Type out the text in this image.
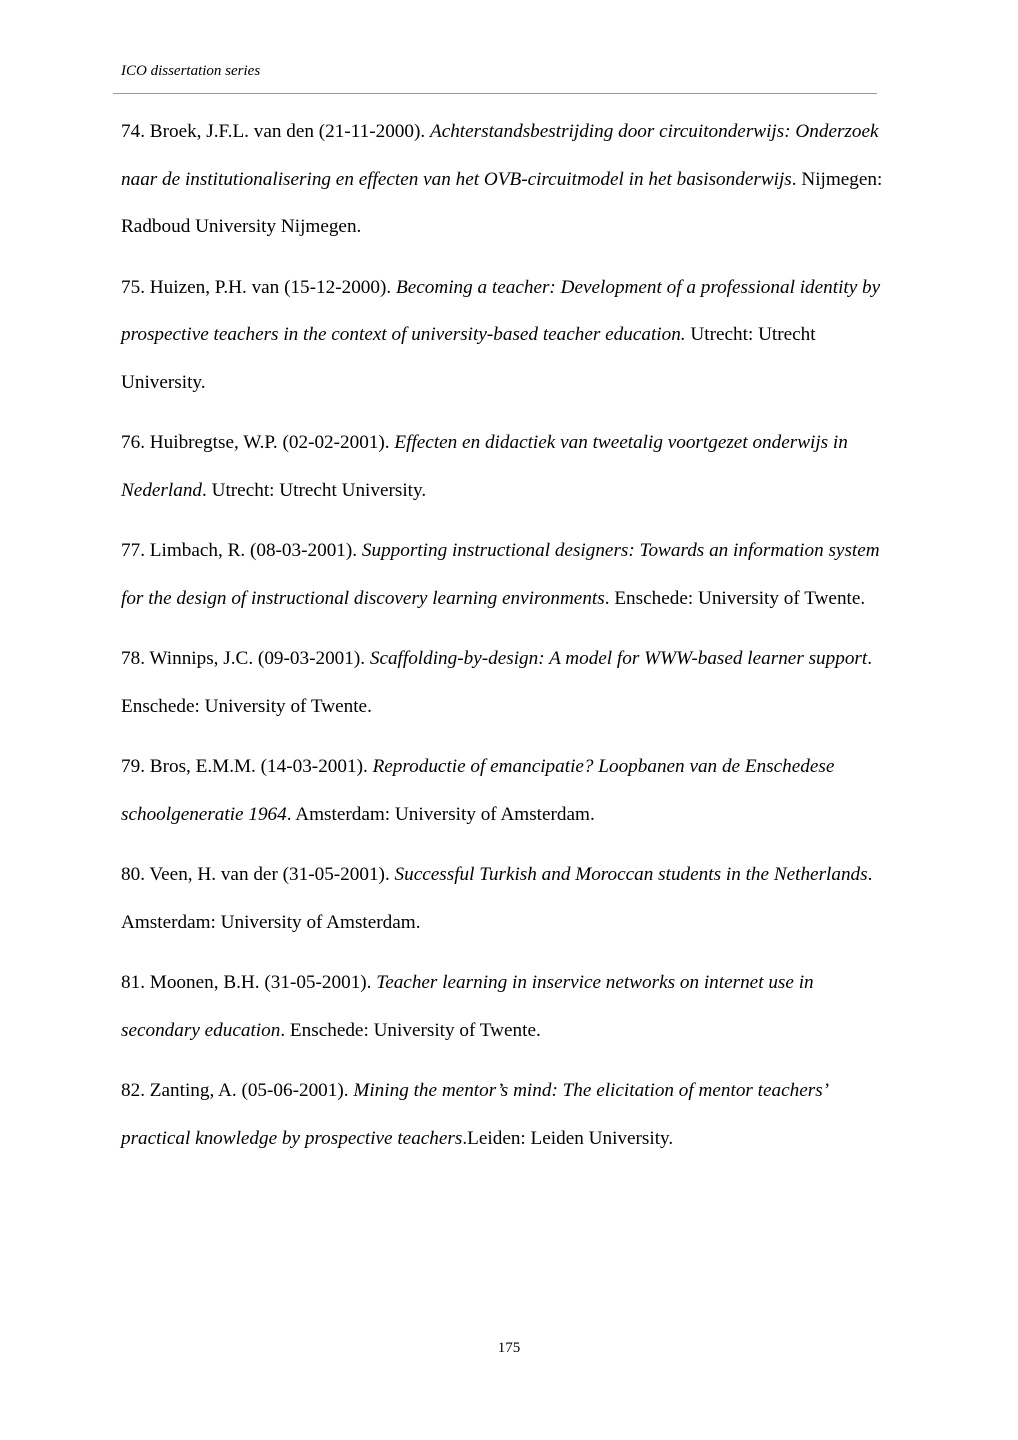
ICO dissertation series
74. Broek, J.F.L. van den (21-11-2000). Achterstandsbestrijding door circuitonderwijs: Onderzoek naar de institutionalisering en effecten van het OVB-circuitmodel in het basisonderwijs. Nijmegen: Radboud University Nijmegen.
75. Huizen, P.H. van (15-12-2000). Becoming a teacher: Development of a professional identity by prospective teachers in the context of university-based teacher education. Utrecht: Utrecht University.
76. Huibregtse, W.P. (02-02-2001). Effecten en didactiek van tweetalig voortgezet onderwijs in Nederland. Utrecht: Utrecht University.
77. Limbach, R. (08-03-2001). Supporting instructional designers: Towards an information system for the design of instructional discovery learning environments. Enschede: University of Twente.
78. Winnips, J.C. (09-03-2001). Scaffolding-by-design: A model for WWW-based learner support. Enschede: University of Twente.
79. Bros, E.M.M. (14-03-2001). Reproductie of emancipatie? Loopbanen van de Enschedese schoolgeneratie 1964. Amsterdam: University of Amsterdam.
80. Veen, H. van der (31-05-2001). Successful Turkish and Moroccan students in the Netherlands. Amsterdam: University of Amsterdam.
81. Moonen, B.H. (31-05-2001). Teacher learning in inservice networks on internet use in secondary education. Enschede: University of Twente.
82. Zanting, A. (05-06-2001). Mining the mentor’s mind: The elicitation of mentor teachers’ practical knowledge by prospective teachers.Leiden: Leiden University.
175
